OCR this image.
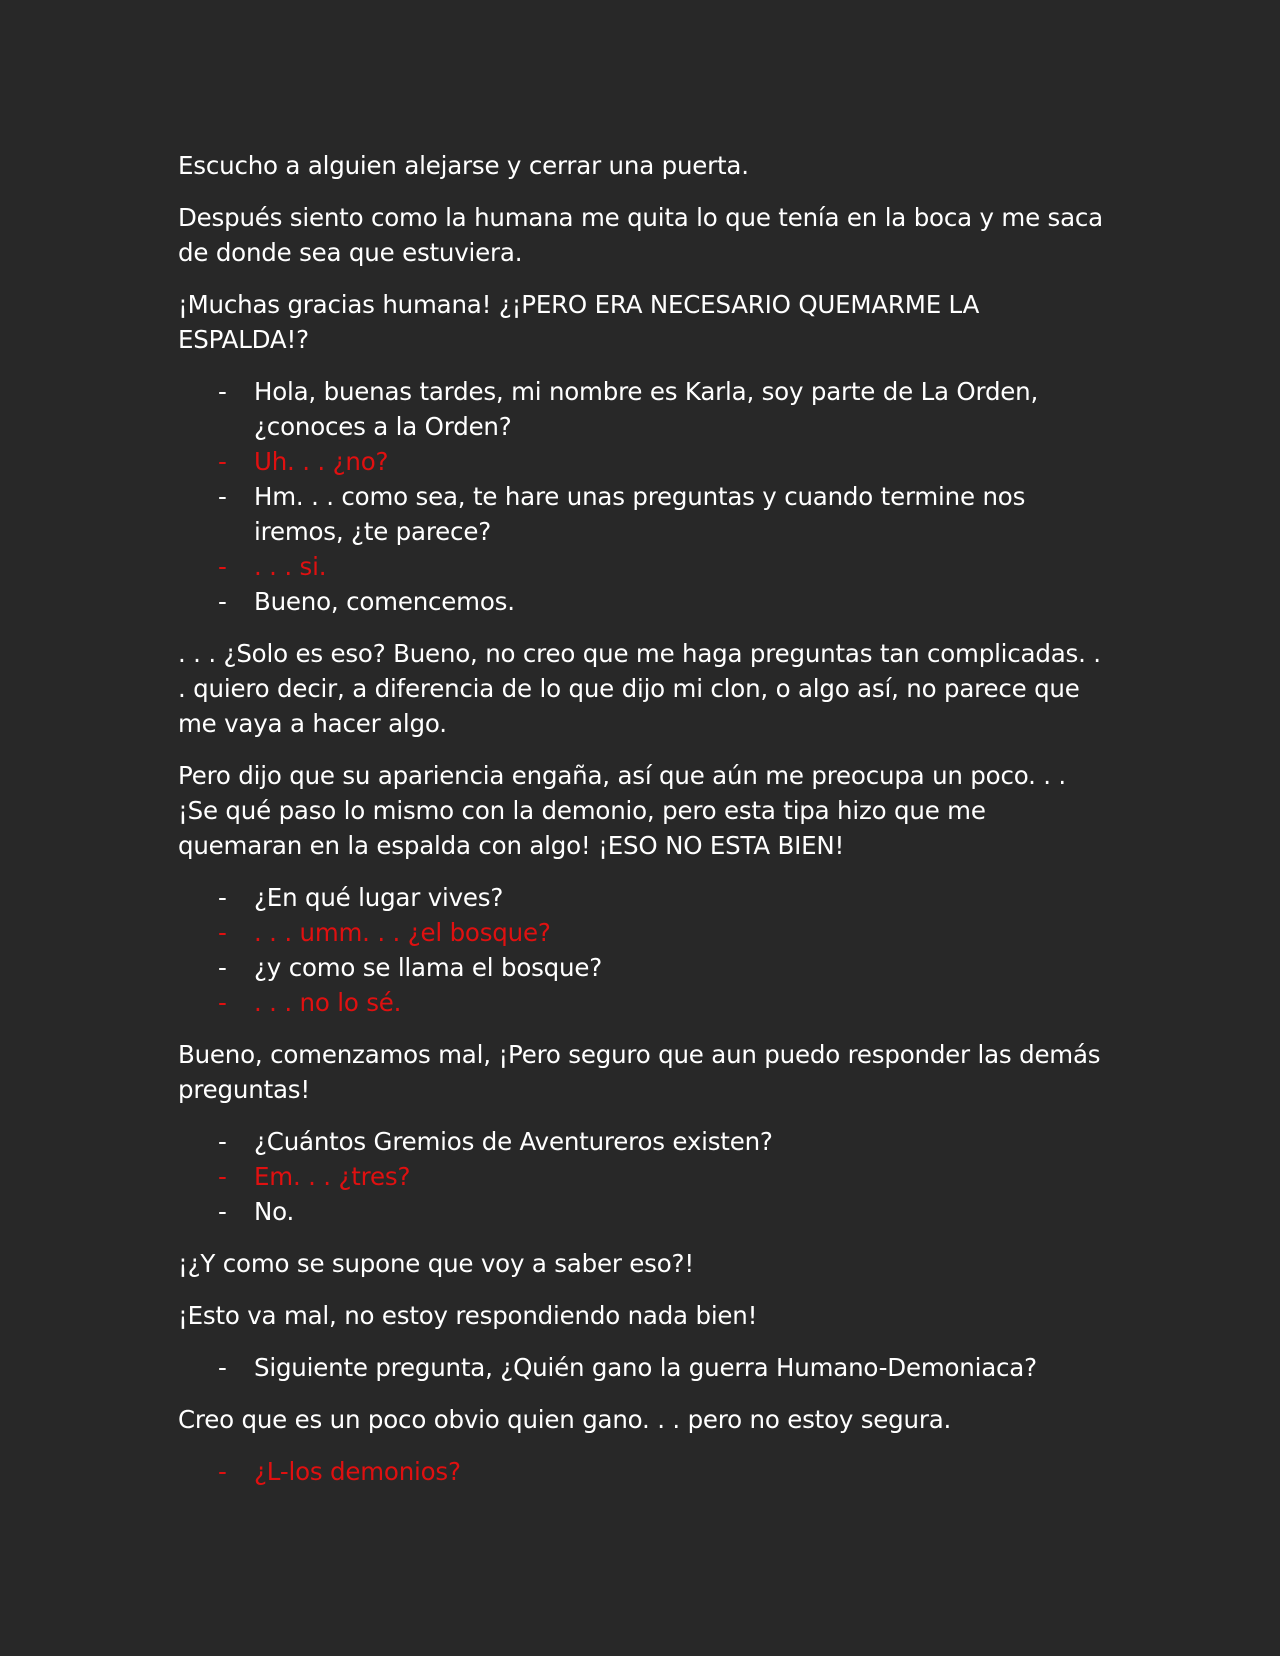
Escucho a alguien alejarse y cerrar una puerta.

Después siento como la humana me quita lo que tenía en la boca y me saca de donde sea que estuviera.

¡Muchas gracias humana! ¿¡PERO ERA NECESARIO QUEMARME LA ESPALDA!?

- Hola, buenas tardes, mi nombre es Karla, soy parte de La Orden, ¿conoces a la Orden?
- Uh. . . ¿no?
- Hm. . . como sea, te hare unas preguntas y cuando termine nos iremos, ¿te parece?
- . . . si.
- Bueno, comencemos.

. . . ¿Solo es eso? Bueno, no creo que me haga preguntas tan complicadas. . . quiero decir, a diferencia de lo que dijo mi clon, o algo así, no parece que me vaya a hacer algo.

Pero dijo que su apariencia engaña, así que aún me preocupa un poco. . . ¡Se qué paso lo mismo con la demonio, pero esta tipa hizo que me quemaran en la espalda con algo! ¡ESO NO ESTA BIEN!

- ¿En qué lugar vives?
- . . . umm. . . ¿el bosque?
- ¿y como se llama el bosque?
- . . . no lo sé.

Bueno, comenzamos mal, ¡Pero seguro que aun puedo responder las demás preguntas!

- ¿Cuántos Gremios de Aventureros existen?
- Em. . . ¿tres?
- No.

¡¿Y como se supone que voy a saber eso?!

¡Esto va mal, no estoy respondiendo nada bien!

- Siguiente pregunta, ¿Quién gano la guerra Humano-Demoniaca?

Creo que es un poco obvio quien gano. . . pero no estoy segura.

- ¿L-los demonios?
